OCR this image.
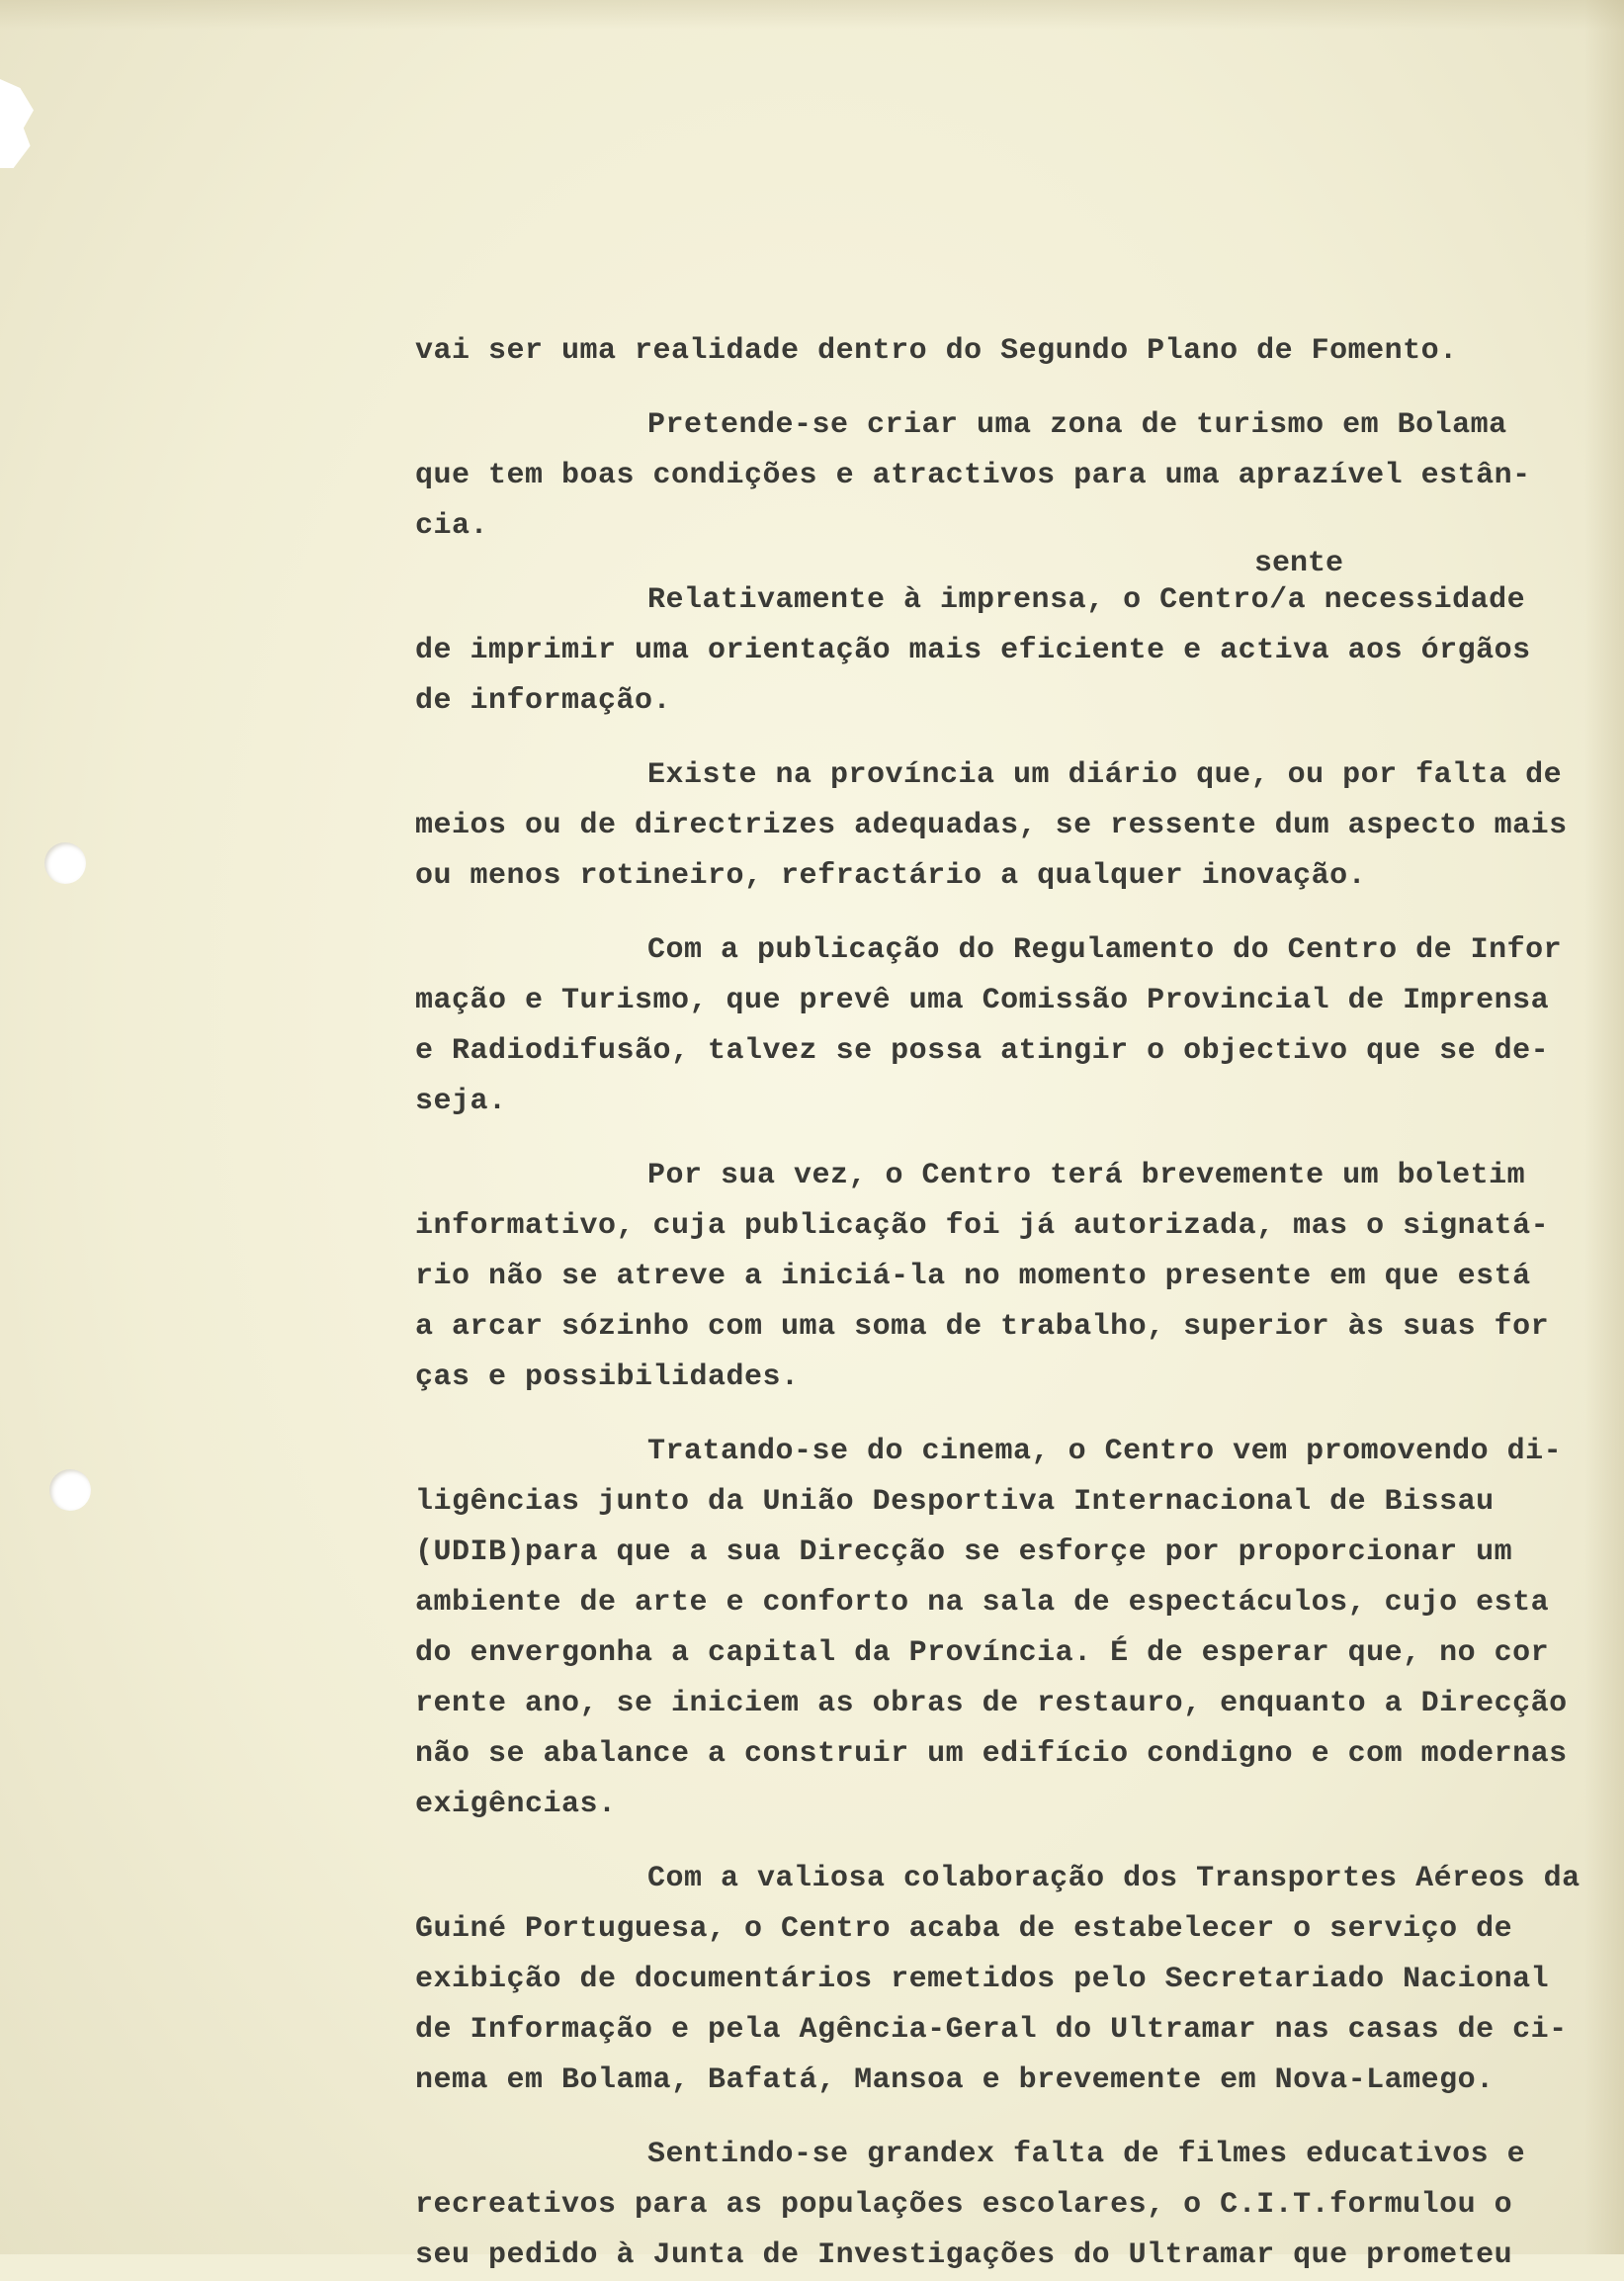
sente
vai ser uma realidade dentro do Segundo Plano de Fomento.
Pretende-se criar uma zona de turismo em Bolama
que tem boas condições e atractivos para uma aprazível estân-
cia.
Relativamente à imprensa, o Centro/a necessidade
de imprimir uma orientação mais eficiente e activa aos órgãos
de informação.
Existe na província um diário que, ou por falta de
meios ou de directrizes adequadas, se ressente dum aspecto mais
ou menos rotineiro, refractário a qualquer inovação.
Com a publicação do Regulamento do Centro de Infor
mação e Turismo, que prevê uma Comissão Provincial de Imprensa
e Radiodifusão, talvez se possa atingir o objectivo que se de-
seja.
Por sua vez, o Centro terá brevemente um boletim
informativo, cuja publicação foi já autorizada, mas o signatá-
rio não se atreve a iniciá-la no momento presente em que está
a arcar sózinho com uma soma de trabalho, superior às suas for
ças e possibilidades.
Tratando-se do cinema, o Centro vem promovendo di-
ligências junto da União Desportiva Internacional de Bissau
(UDIB)para que a sua Direcção se esforçe por proporcionar um
ambiente de arte e conforto na sala de espectáculos, cujo esta
do envergonha a capital da Província. É de esperar que, no cor
rente ano, se iniciem as obras de restauro, enquanto a Direcção
não se abalance a construir um edifício condigno e com modernas
exigências.
Com a valiosa colaboração dos Transportes Aéreos da
Guiné Portuguesa, o Centro acaba de estabelecer o serviço de
exibição de documentários remetidos pelo Secretariado Nacional
de Informação e pela Agência-Geral do Ultramar nas casas de ci-
nema em Bolama, Bafatá, Mansoa e brevemente em Nova-Lamego.
Sentindo-se grandex falta de filmes educativos e
recreativos para as populações escolares, o C.I.T.formulou o
seu pedido à Junta de Investigações do Ultramar que prometeu
